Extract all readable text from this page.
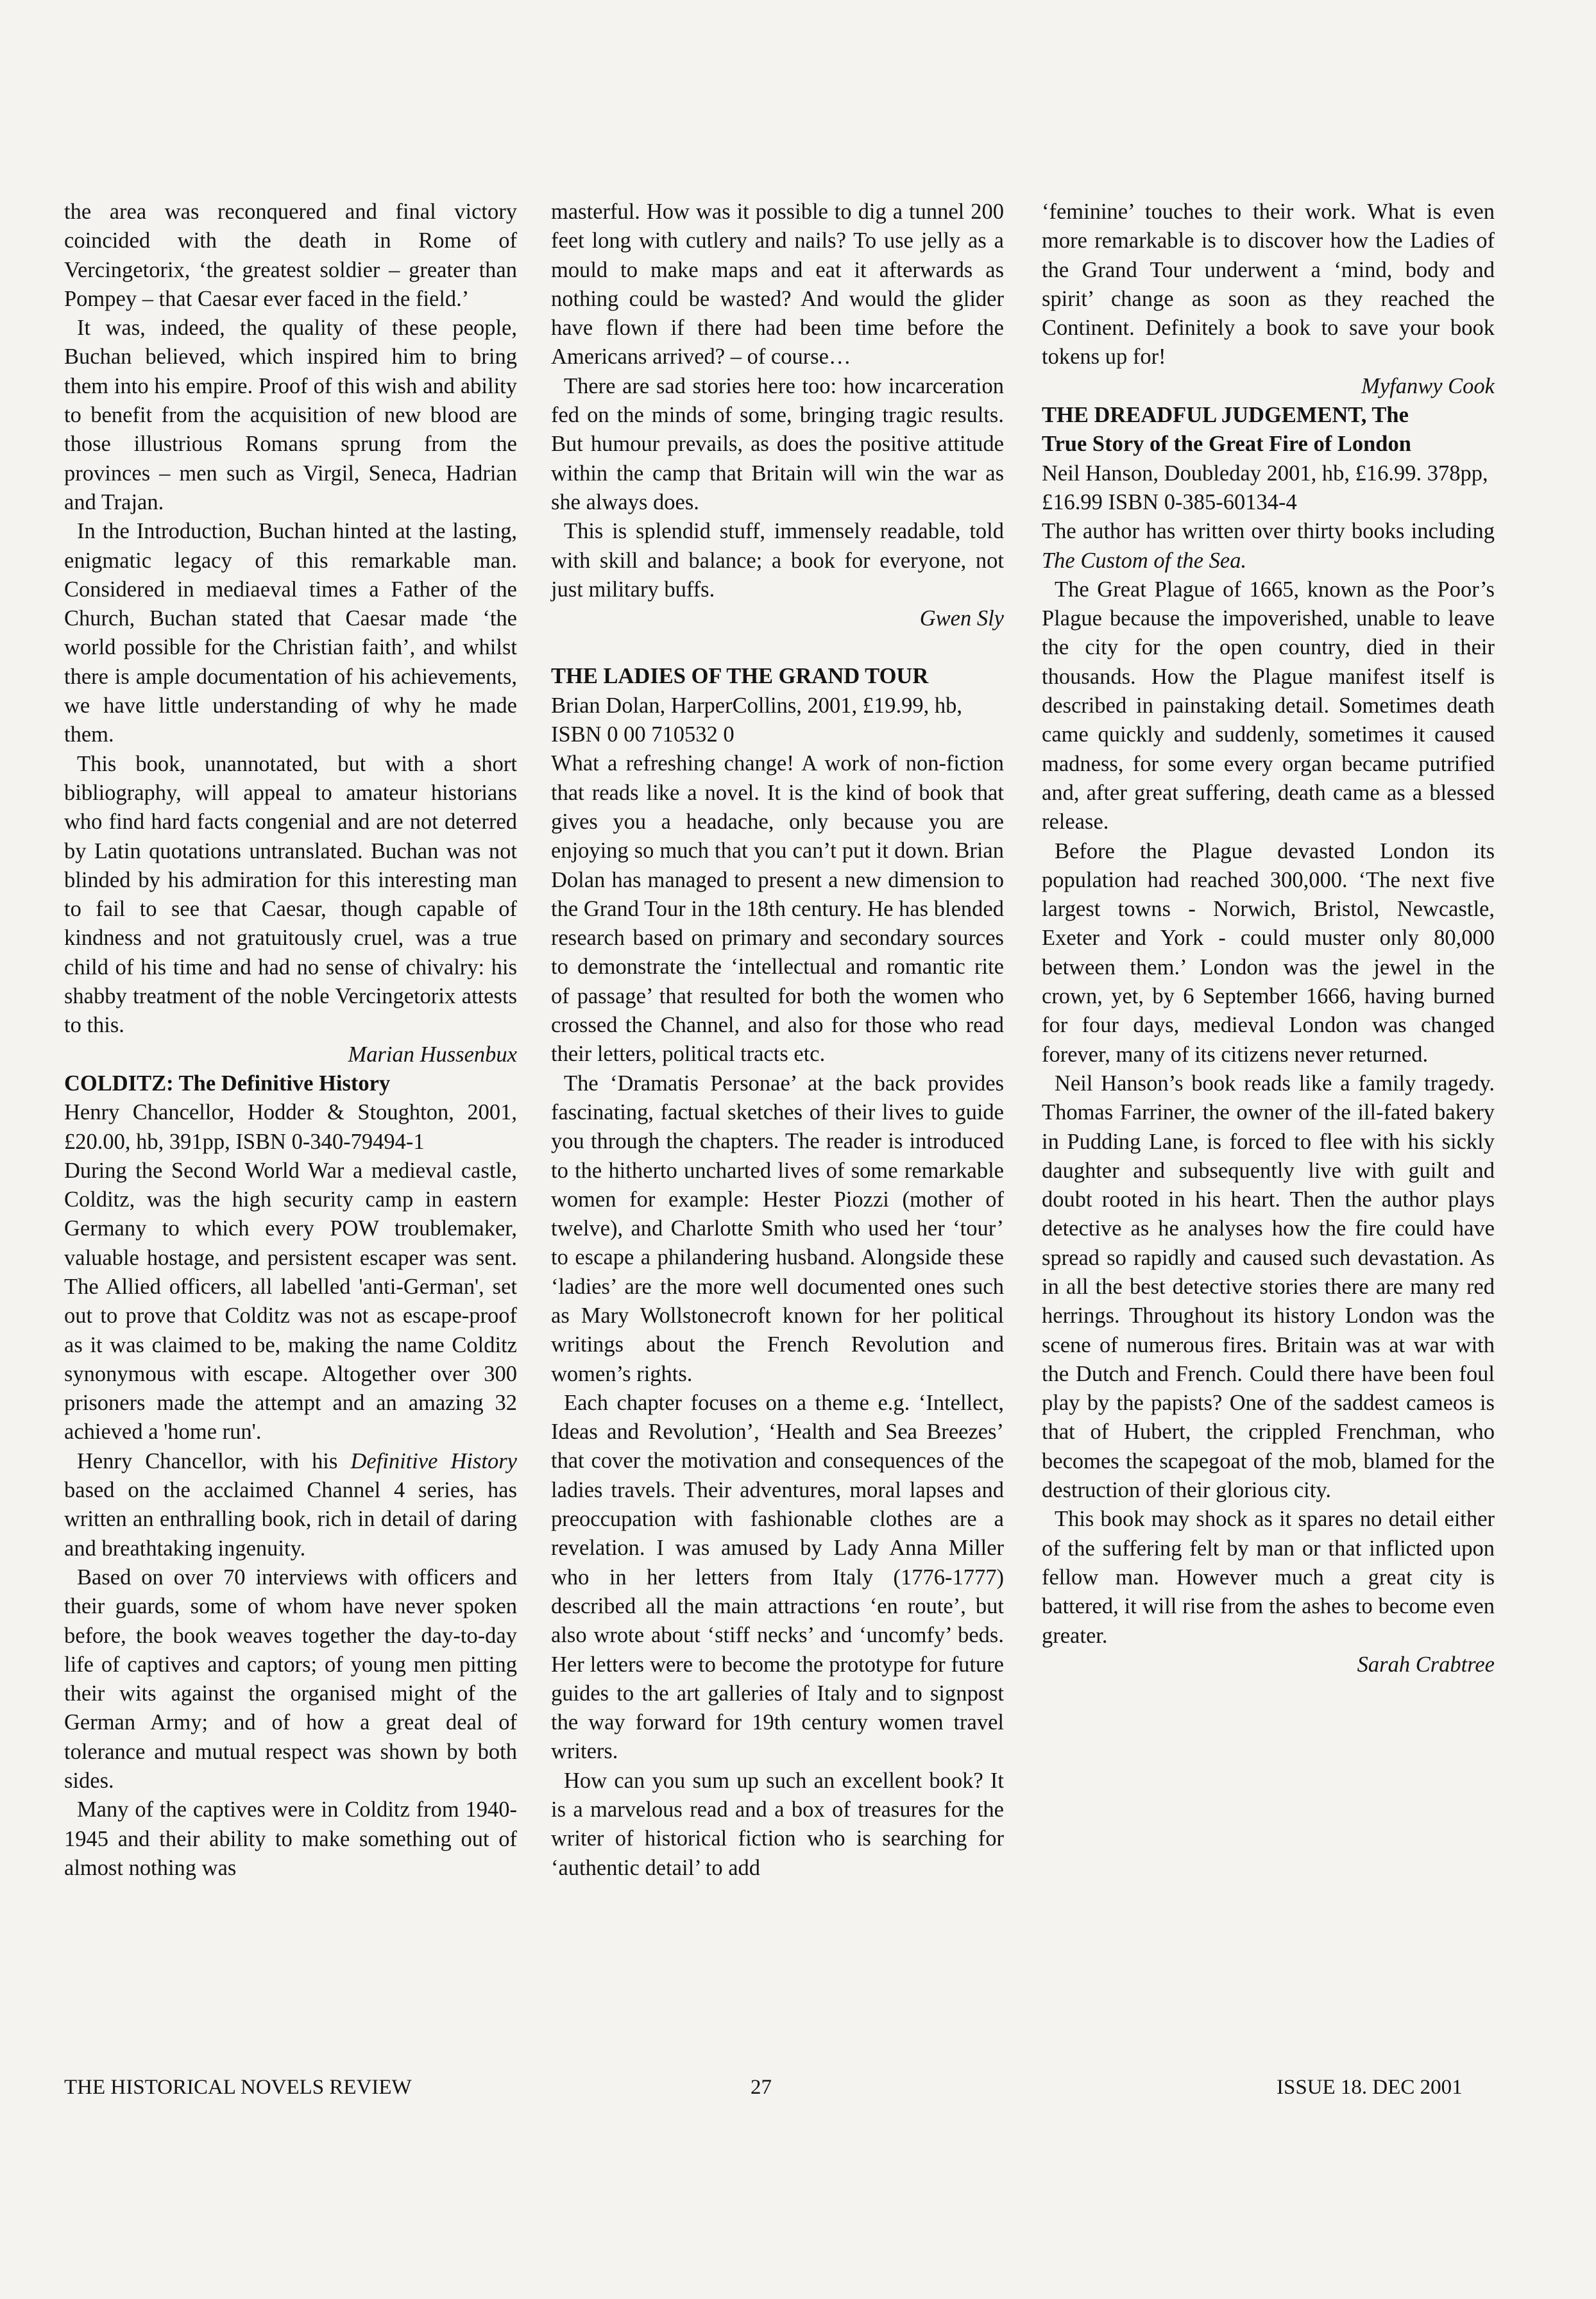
the area was reconquered and final victory coincided with the death in Rome of Vercingetorix, ‘the greatest soldier – greater than Pompey – that Caesar ever faced in the field.’

It was, indeed, the quality of these people, Buchan believed, which inspired him to bring them into his empire. Proof of this wish and ability to benefit from the acquisition of new blood are those illustrious Romans sprung from the provinces – men such as Virgil, Seneca, Hadrian and Trajan.

In the Introduction, Buchan hinted at the lasting, enigmatic legacy of this remarkable man. Considered in mediaeval times a Father of the Church, Buchan stated that Caesar made ‘the world possible for the Christian faith’, and whilst there is ample documentation of his achievements, we have little understanding of why he made them.

This book, unannotated, but with a short bibliography, will appeal to amateur historians who find hard facts congenial and are not deterred by Latin quotations untranslated. Buchan was not blinded by his admiration for this interesting man to fail to see that Caesar, though capable of kindness and not gratuitously cruel, was a true child of his time and had no sense of chivalry: his shabby treatment of the noble Vercingetorix attests to this.

Marian Hussenbux

COLDITZ: The Definitive History

Henry Chancellor, Hodder & Stoughton, 2001, £20.00, hb, 391pp, ISBN 0-340-79494-1

During the Second World War a medieval castle, Colditz, was the high security camp in eastern Germany to which every POW troublemaker, valuable hostage, and persistent escaper was sent. The Allied officers, all labelled 'anti-German', set out to prove that Colditz was not as escape-proof as it was claimed to be, making the name Colditz synonymous with escape. Altogether over 300 prisoners made the attempt and an amazing 32 achieved a 'home run'.

Henry Chancellor, with his Definitive History based on the acclaimed Channel 4 series, has written an enthralling book, rich in detail of daring and breathtaking ingenuity.

Based on over 70 interviews with officers and their guards, some of whom have never spoken before, the book weaves together the day-to-day life of captives and captors; of young men pitting their wits against the organised might of the German Army; and of how a great deal of tolerance and mutual respect was shown by both sides.

Many of the captives were in Colditz from 1940-1945 and their ability to make something out of almost nothing was

masterful. How was it possible to dig a tunnel 200 feet long with cutlery and nails? To use jelly as a mould to make maps and eat it afterwards as nothing could be wasted? And would the glider have flown if there had been time before the Americans arrived? – of course…

There are sad stories here too: how incarceration fed on the minds of some, bringing tragic results. But humour prevails, as does the positive attitude within the camp that Britain will win the war as she always does.

This is splendid stuff, immensely readable, told with skill and balance; a book for everyone, not just military buffs.

Gwen Sly

THE LADIES OF THE GRAND TOUR

Brian Dolan, HarperCollins, 2001, £19.99, hb, ISBN 0 00 710532 0

What a refreshing change! A work of non-fiction that reads like a novel. It is the kind of book that gives you a headache, only because you are enjoying so much that you can’t put it down. Brian Dolan has managed to present a new dimension to the Grand Tour in the 18th century. He has blended research based on primary and secondary sources to demonstrate the ‘intellectual and romantic rite of passage’ that resulted for both the women who crossed the Channel, and also for those who read their letters, political tracts etc.

The ‘Dramatis Personae’ at the back provides fascinating, factual sketches of their lives to guide you through the chapters. The reader is introduced to the hitherto uncharted lives of some remarkable women for example: Hester Piozzi (mother of twelve), and Charlotte Smith who used her ‘tour’ to escape a philandering husband. Alongside these ‘ladies’ are the more well documented ones such as Mary Wollstonecroft known for her political writings about the French Revolution and women’s rights.

Each chapter focuses on a theme e.g. ‘Intellect, Ideas and Revolution’, ‘Health and Sea Breezes’ that cover the motivation and consequences of the ladies travels. Their adventures, moral lapses and preoccupation with fashionable clothes are a revelation. I was amused by Lady Anna Miller who in her letters from Italy (1776-1777) described all the main attractions ‘en route’, but also wrote about ‘stiff necks’ and ‘uncomfy’ beds. Her letters were to become the prototype for future guides to the art galleries of Italy and to signpost the way forward for 19th century women travel writers.

How can you sum up such an excellent book? It is a marvelous read and a box of treasures for the writer of historical fiction who is searching for ‘authentic detail’ to add

‘feminine’ touches to their work. What is even more remarkable is to discover how the Ladies of the Grand Tour underwent a ‘mind, body and spirit’ change as soon as they reached the Continent. Definitely a book to save your book tokens up for!

Myfanwy Cook

THE DREADFUL JUDGEMENT, The

True Story of the Great Fire of London

Neil Hanson, Doubleday 2001, hb, £16.99. 378pp, £16.99 ISBN 0-385-60134-4

The author has written over thirty books including The Custom of the Sea.

The Great Plague of 1665, known as the Poor’s Plague because the impoverished, unable to leave the city for the open country, died in their thousands. How the Plague manifest itself is described in painstaking detail. Sometimes death came quickly and suddenly, sometimes it caused madness, for some every organ became putrified and, after great suffering, death came as a blessed release.

Before the Plague devasted London its population had reached 300,000. ‘The next five largest towns - Norwich, Bristol, Newcastle, Exeter and York - could muster only 80,000 between them.’ London was the jewel in the crown, yet, by 6 September 1666, having burned for four days, medieval London was changed forever, many of its citizens never returned.

Neil Hanson’s book reads like a family tragedy. Thomas Farriner, the owner of the ill-fated bakery in Pudding Lane, is forced to flee with his sickly daughter and subsequently live with guilt and doubt rooted in his heart. Then the author plays detective as he analyses how the fire could have spread so rapidly and caused such devastation. As in all the best detective stories there are many red herrings. Throughout its history London was the scene of numerous fires. Britain was at war with the Dutch and French. Could there have been foul play by the papists? One of the saddest cameos is that of Hubert, the crippled Frenchman, who becomes the scapegoat of the mob, blamed for the destruction of their glorious city.

This book may shock as it spares no detail either of the suffering felt by man or that inflicted upon fellow man. However much a great city is battered, it will rise from the ashes to become even greater.

Sarah Crabtree

THE HISTORICAL NOVELS REVIEW	27	ISSUE 18. DEC 2001
